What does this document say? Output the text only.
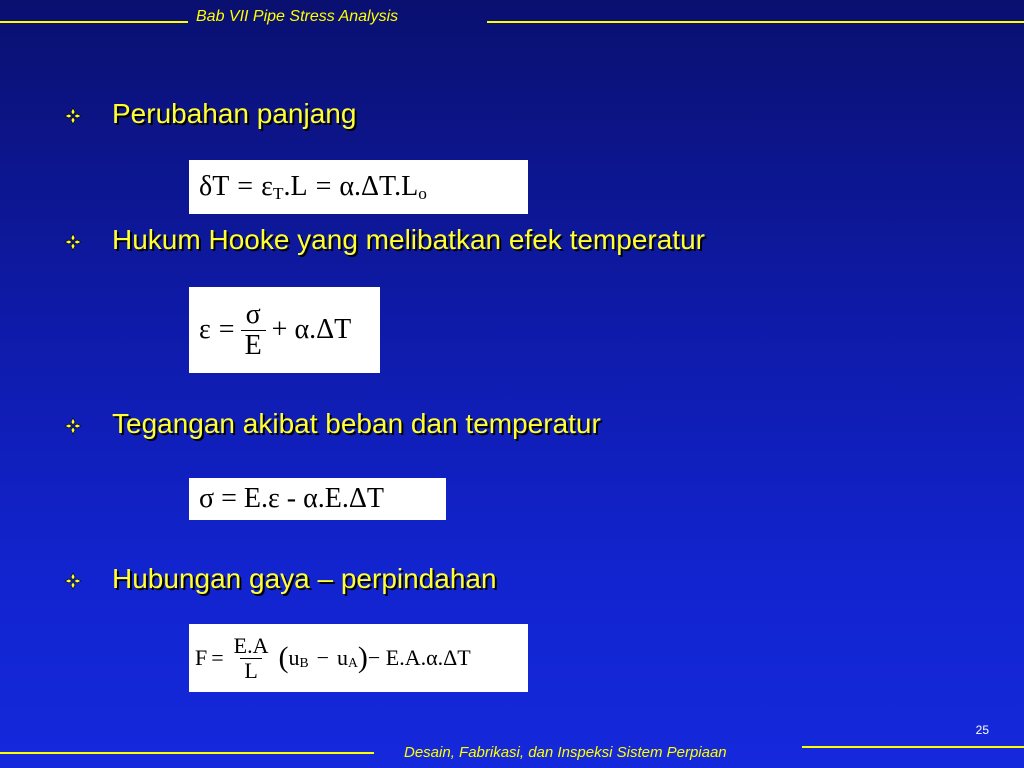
Bab VII Pipe Stress Analysis
Perubahan panjang
δT = ε T .L = α.ΔT.L o
Hukum Hooke yang melibatkan efek temperatur
$\varepsilon = \frac{\sigma}{E} + \alpha.\Delta T$
Tegangan akibat beban dan temperatur
σ = E.ε - α.E.ΔT
Hubungan gaya – perpindahan
$F = \frac{E.A}{L}$ ( u B − u A ) − E.A.α.ΔT
25
Desain, Fabrikasi, dan Inspeksi Sistem Perpiaan
